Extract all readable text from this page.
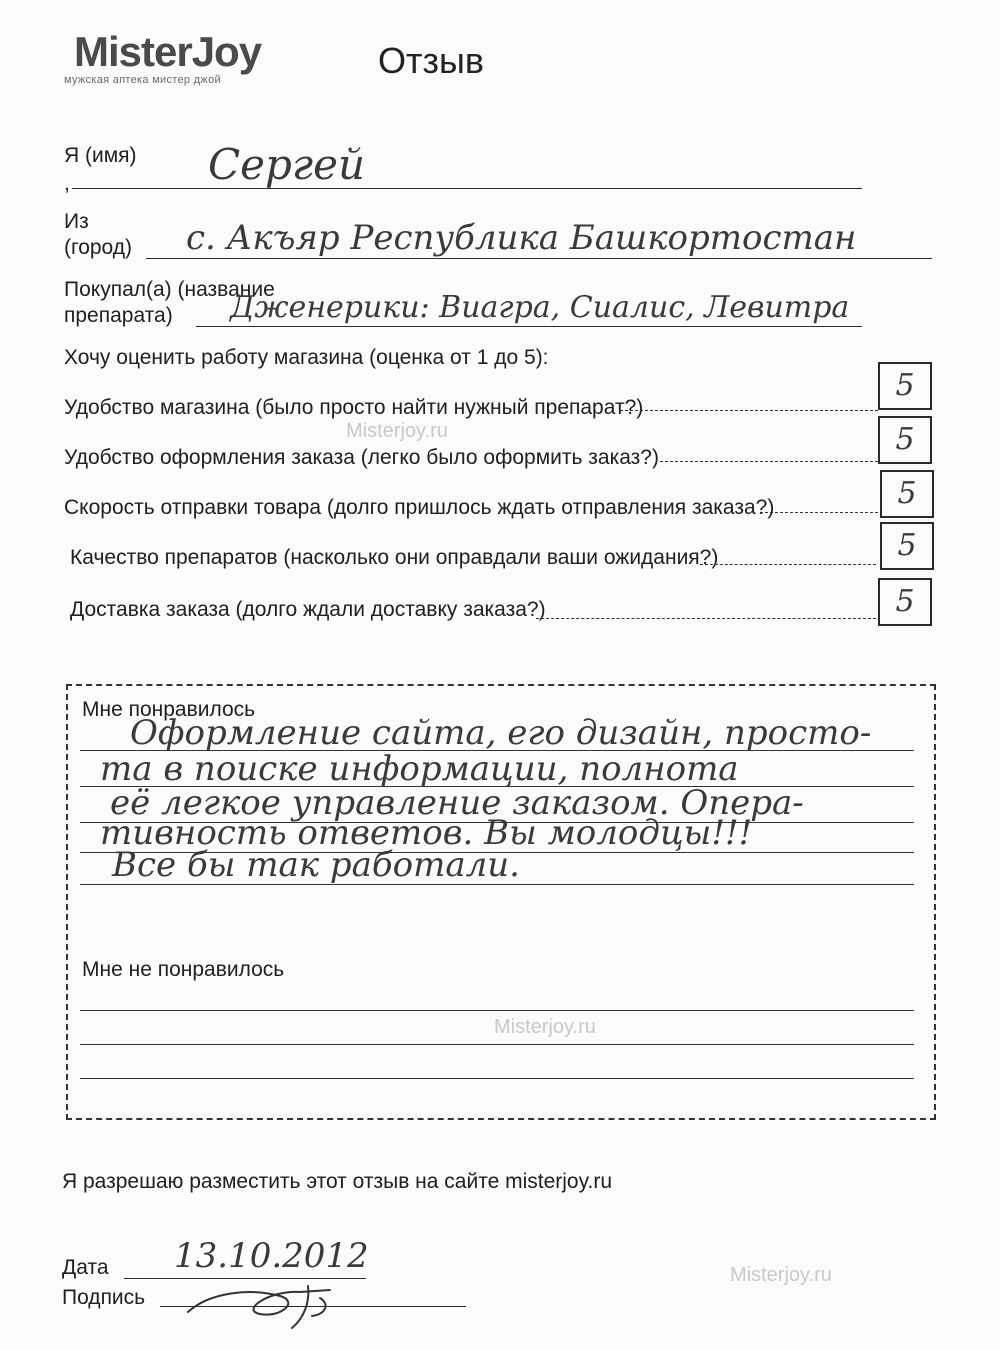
MisterJoy
мужская аптека мистер джой	Отзыв
Я (имя)
,	Сергей
Из
(город) с. Акъяр Республика Башкортостан
Покупал(а) (название
препарата) Дженерики: Виагра, Сиалис, Левитра
Хочу оценить работу магазина (оценка от 1 до 5):
Удобство магазина (было просто найти нужный препарат?)
5
Удобство оформления заказа (легко было оформить заказ?)
5
Скорость отправки товара (долго пришлось ждать отправления заказа?)	5
Качество препаратов (насколько они оправдали ваши ожидания?)	5
Доставка заказа (долго ждали доставку заказа?)	5
Misterjoy.ru
Misterjoy.ru
Misterjoy.ru
Мне понравилось
Оформление сайта, его дизайн, просто-
та в поиске информации, полнота
её легкое управление заказом. Опера-
тивность ответов. Вы молодцы!!!
Все бы так работали.
Мне не понравилось
Я разрешаю разместить этот отзыв на сайте misterjoy.ru
Дата 13.10.2012
Подпись
